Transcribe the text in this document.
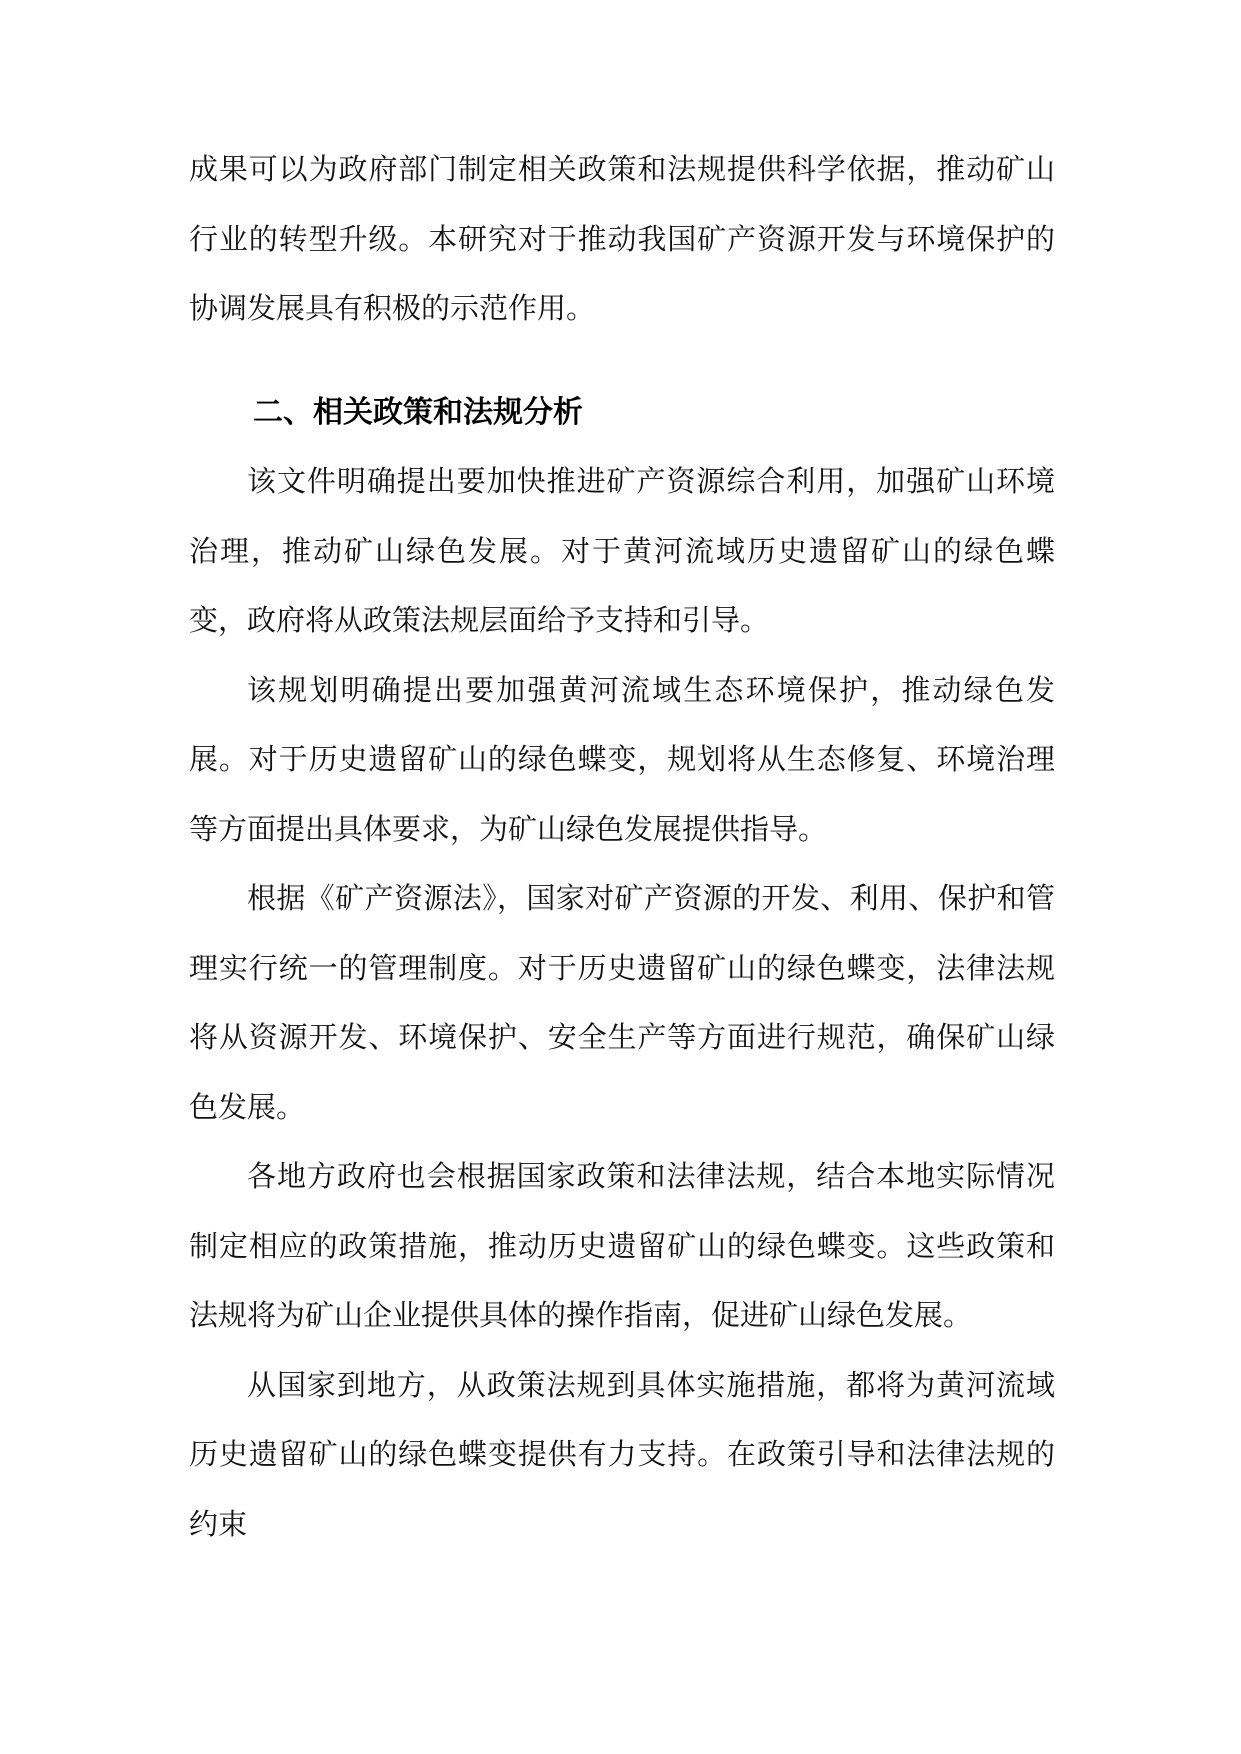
成果可以为政府部门制定相关政策和法规提供科学依据，推动矿山行业的转型升级。本研究对于推动我国矿产资源开发与环境保护的协调发展具有积极的示范作用。

二、相关政策和法规分析

该文件明确提出要加快推进矿产资源综合利用，加强矿山环境治理，推动矿山绿色发展。对于黄河流域历史遗留矿山的绿色蝶变，政府将从政策法规层面给予支持和引导。

该规划明确提出要加强黄河流域生态环境保护，推动绿色发展。对于历史遗留矿山的绿色蝶变，规划将从生态修复、环境治理等方面提出具体要求，为矿山绿色发展提供指导。

根据《矿产资源法》，国家对矿产资源的开发、利用、保护和管理实行统一的管理制度。对于历史遗留矿山的绿色蝶变，法律法规将从资源开发、环境保护、安全生产等方面进行规范，确保矿山绿色发展。

各地方政府也会根据国家政策和法律法规，结合本地实际情况制定相应的政策措施，推动历史遗留矿山的绿色蝶变。这些政策和法规将为矿山企业提供具体的操作指南，促进矿山绿色发展。

从国家到地方，从政策法规到具体实施措施，都将为黄河流域历史遗留矿山的绿色蝶变提供有力支持。在政策引导和法律法规的约束
